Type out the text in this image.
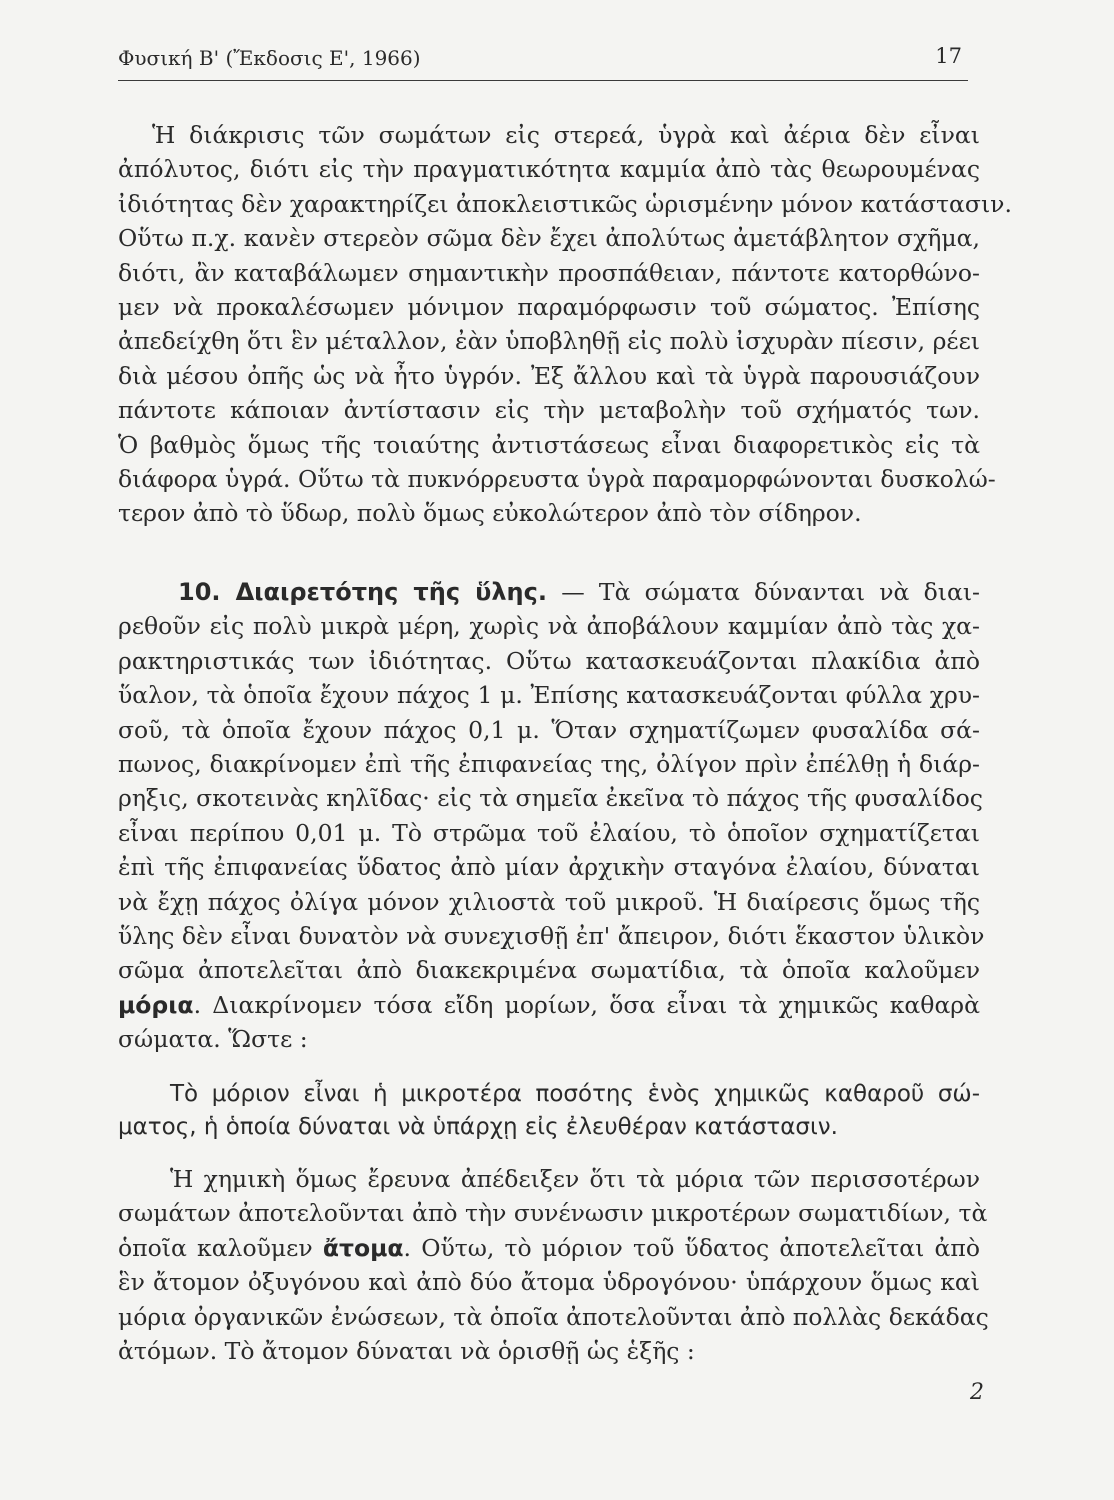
Φυσική Β' (Ἔκδοσις Ε', 1966)	17
Ἡ διάκρισις τῶν σωμάτων εἰς στερεά, ὑγρὰ καὶ ἀέρια δὲν εἶναι
ἀπόλυτος, διότι εἰς τὴν πραγματικότητα καμμία ἀπὸ τὰς θεωρουμένας
ἰδιότητας δὲν χαρακτηρίζει ἀποκλειστικῶς ὡρισμένην μόνον κατάστασιν.
Οὕτω π.χ. κανὲν στερεὸν σῶμα δὲν ἔχει ἀπολύτως ἀμετάβλητον σχῆμα,
διότι, ἂν καταβάλωμεν σημαντικὴν προσπάθειαν, πάντοτε κατορθώνο-
μεν νὰ προκαλέσωμεν μόνιμον παραμόρφωσιν τοῦ σώματος. Ἐπίσης
ἀπεδείχθη ὅτι ἓν μέταλλον, ἐὰν ὑποβληθῇ εἰς πολὺ ἰσχυρὰν πίεσιν, ρέει
διὰ μέσου ὀπῆς ὡς νὰ ἦτο ὑγρόν. Ἐξ ἄλλου καὶ τὰ ὑγρὰ παρουσιάζουν
πάντοτε κάποιαν ἀντίστασιν εἰς τὴν μεταβολὴν τοῦ σχήματός των.
Ὁ βαθμὸς ὅμως τῆς τοιαύτης ἀντιστάσεως εἶναι διαφορετικὸς εἰς τὰ
διάφορα ὑγρά. Οὕτω τὰ πυκνόρρευστα ὑγρὰ παραμορφώνονται δυσκολώ-
τερον ἀπὸ τὸ ὕδωρ, πολὺ ὅμως εὐκολώτερον ἀπὸ τὸν σίδηρον.
10. Διαιρετότης τῆς ὕλης. — Τὰ σώματα δύνανται νὰ διαι-
ρεθοῦν εἰς πολὺ μικρὰ μέρη, χωρὶς νὰ ἀποβάλουν καμμίαν ἀπὸ τὰς χα-
ρακτηριστικάς των ἰδιότητας. Οὕτω κατασκευάζονται πλακίδια ἀπὸ
ὕαλον, τὰ ὁποῖα ἔχουν πάχος 1 μ. Ἐπίσης κατασκευάζονται φύλλα χρυ-
σοῦ, τὰ ὁποῖα ἔχουν πάχος 0,1 μ. Ὅταν σχηματίζωμεν φυσαλίδα σά-
πωνος, διακρίνομεν ἐπὶ τῆς ἐπιφανείας της, ὀλίγον πρὶν ἐπέλθῃ ἡ διάρ-
ρηξις, σκοτεινὰς κηλῖδας· εἰς τὰ σημεῖα ἐκεῖνα τὸ πάχος τῆς φυσαλίδος
εἶναι περίπου 0,01 μ. Τὸ στρῶμα τοῦ ἐλαίου, τὸ ὁποῖον σχηματίζεται
ἐπὶ τῆς ἐπιφανείας ὕδατος ἀπὸ μίαν ἀρχικὴν σταγόνα ἐλαίου, δύναται
νὰ ἔχῃ πάχος ὀλίγα μόνον χιλιοστὰ τοῦ μικροῦ. Ἡ διαίρεσις ὅμως τῆς
ὕλης δὲν εἶναι δυνατὸν νὰ συνεχισθῇ ἐπ' ἄπειρον, διότι ἕκαστον ὑλικὸν
σῶμα ἀποτελεῖται ἀπὸ διακεκριμένα σωματίδια, τὰ ὁποῖα καλοῦμεν
μόρια. Διακρίνομεν τόσα εἴδη μορίων, ὅσα εἶναι τὰ χημικῶς καθαρὰ
σώματα. Ὥστε :
Τὸ μόριον εἶναι ἡ μικροτέρα ποσότης ἑνὸς χημικῶς καθαροῦ σώ-
ματος, ἡ ὁποία δύναται νὰ ὑπάρχῃ εἰς ἐλευθέραν κατάστασιν.
Ἡ χημικὴ ὅμως ἔρευνα ἀπέδειξεν ὅτι τὰ μόρια τῶν περισσοτέρων
σωμάτων ἀποτελοῦνται ἀπὸ τὴν συνένωσιν μικροτέρων σωματιδίων, τὰ
ὁποῖα καλοῦμεν ἄτομα. Οὕτω, τὸ μόριον τοῦ ὕδατος ἀποτελεῖται ἀπὸ
ἓν ἄτομον ὀξυγόνου καὶ ἀπὸ δύο ἄτομα ὑδρογόνου· ὑπάρχουν ὅμως καὶ
μόρια ὀργανικῶν ἐνώσεων, τὰ ὁποῖα ἀποτελοῦνται ἀπὸ πολλὰς δεκάδας
ἀτόμων. Τὸ ἄτομον δύναται νὰ ὁρισθῇ ὡς ἑξῆς :
2
